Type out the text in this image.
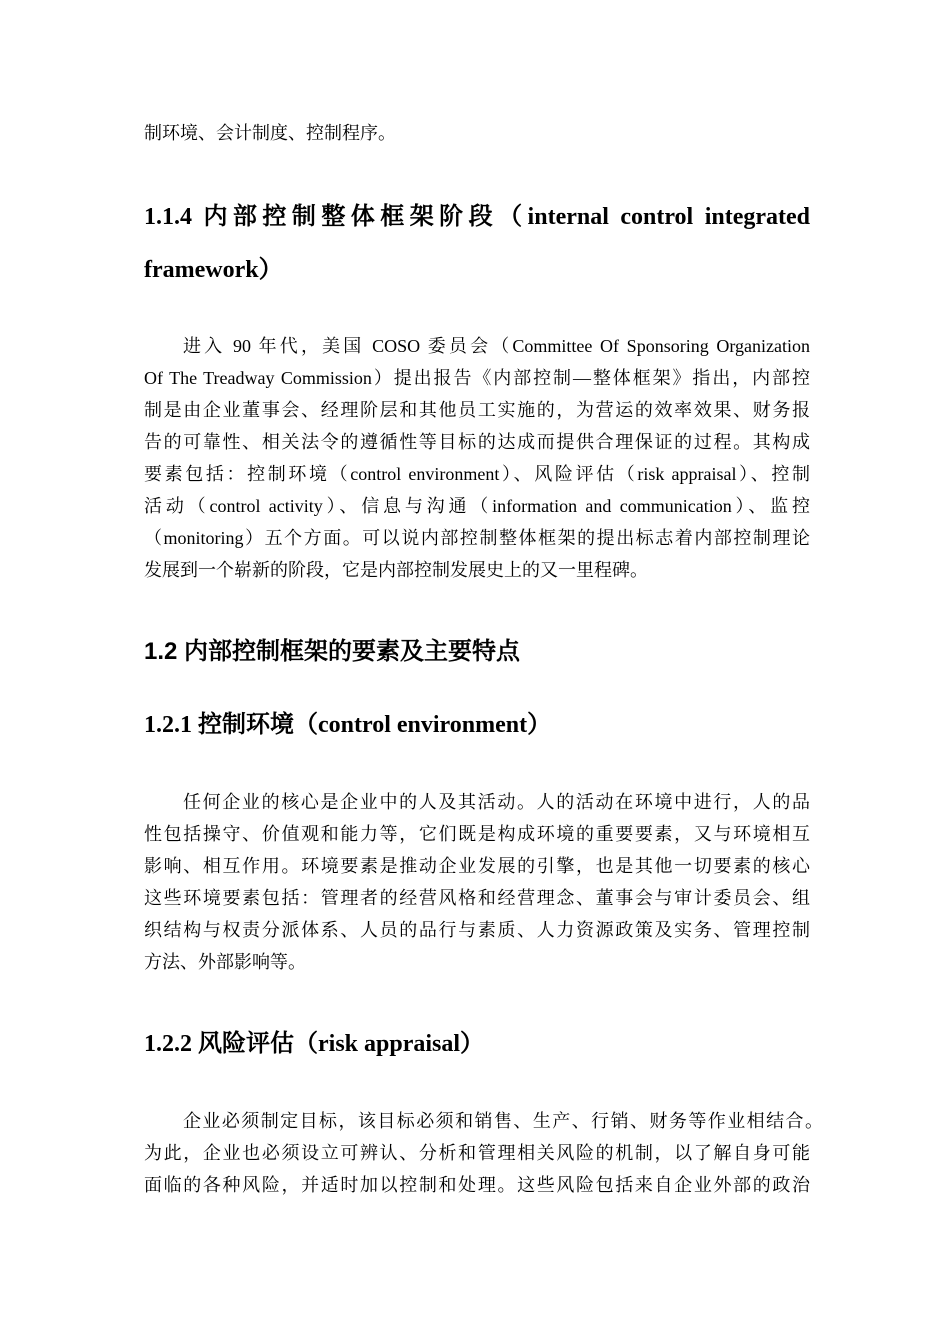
制环境、会计制度、控制程序。
1.1.4 内部控制整体框架阶段（internal control integrated
framework）
进入 90 年代，美国 COSO 委员会（Committee Of Sponsoring Organization
Of The Treadway Commission）提出报告《内部控制—整体框架》指出，内部控
制是由企业董事会、经理阶层和其他员工实施的，为营运的效率效果、财务报
告的可靠性、相关法令的遵循性等目标的达成而提供合理保证的过程。其构成
要素包括：控制环境（control environment）、风险评估（risk appraisal）、控制
活动（control activity）、信息与沟通（information and communication）、监控
（monitoring）五个方面。可以说内部控制整体框架的提出标志着内部控制理论
发展到一个崭新的阶段，它是内部控制发展史上的又一里程碑。
1.2 内部控制框架的要素及主要特点
1.2.1 控制环境（control environment）
任何企业的核心是企业中的人及其活动。人的活动在环境中进行，人的品
性包括操守、价值观和能力等，它们既是构成环境的重要要素，又与环境相互
影响、相互作用。环境要素是推动企业发展的引擎，也是其他一切要素的核心
这些环境要素包括：管理者的经营风格和经营理念、董事会与审计委员会、组
织结构与权责分派体系、人员的品行与素质、人力资源政策及实务、管理控制
方法、外部影响等。
1.2.2 风险评估（risk appraisal）
企业必须制定目标，该目标必须和销售、生产、行销、财务等作业相结合。
为此，企业也必须设立可辨认、分析和管理相关风险的机制，以了解自身可能
面临的各种风险，并适时加以控制和处理。这些风险包括来自企业外部的政治
